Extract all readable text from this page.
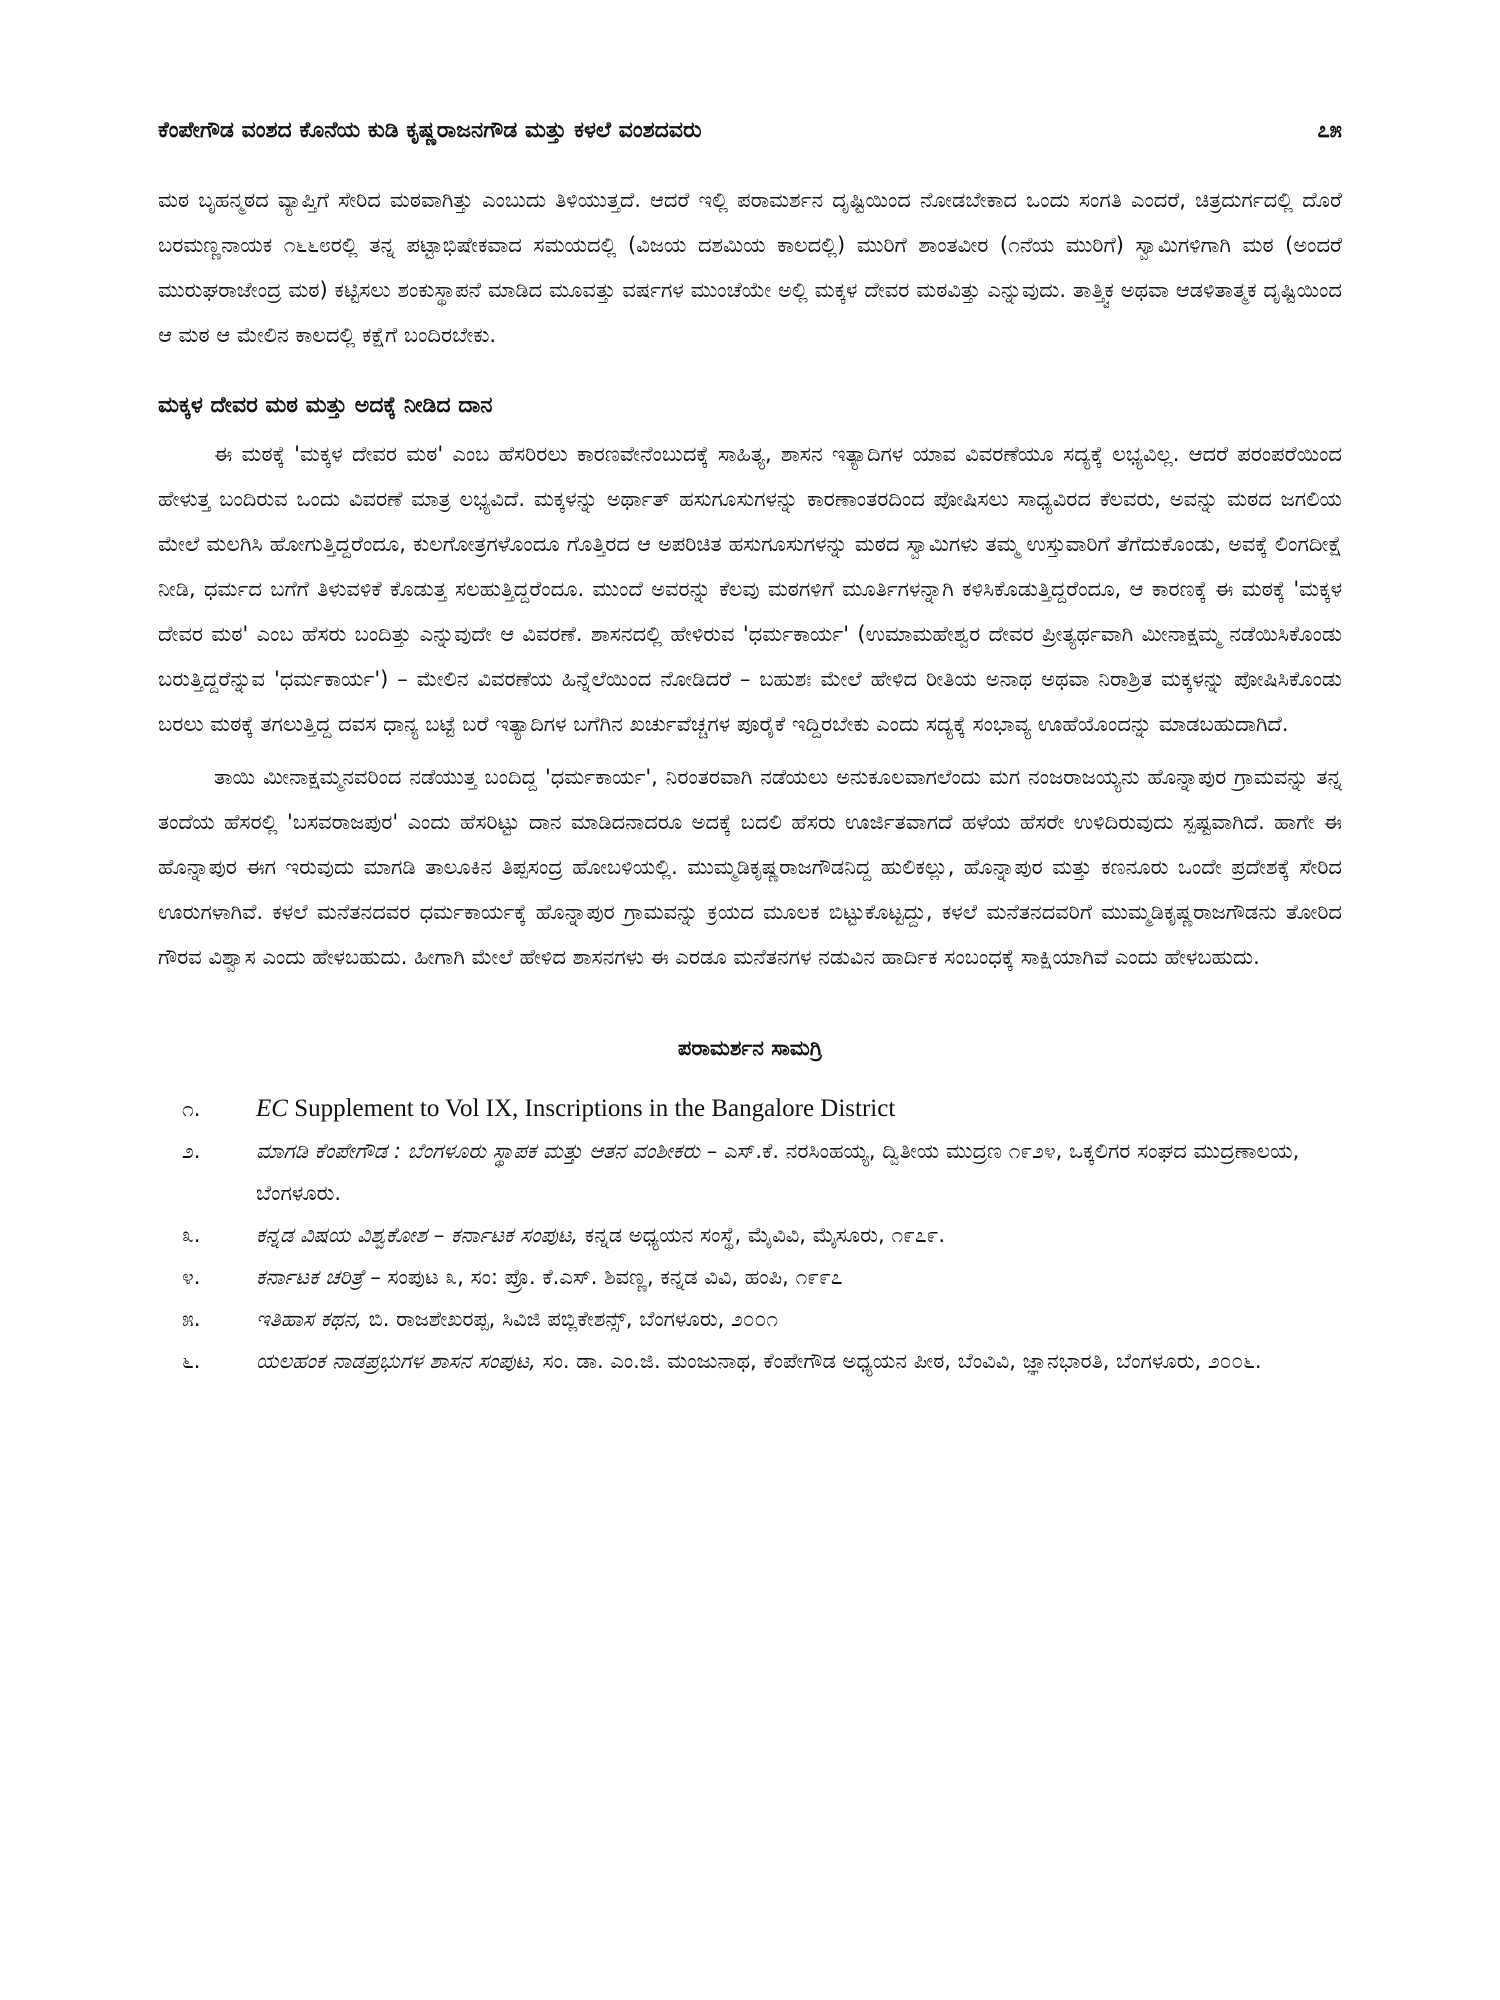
ಕೆಂಪೇಗೌಡ ವಂಶದ ಕೊನೆಯ ಕುಡಿ ಕೃಷ್ಣರಾಜನಗೌಡ ಮತ್ತು ಕಳಲೆ ವಂಶದವರು	೭೫

ಮಠ ಬೃಹನ್ಮಠದ ವ್ಯಾಪ್ತಿಗೆ ಸೇರಿದ ಮಠವಾಗಿತ್ತು ಎಂಬುದು ತಿಳಿಯುತ್ತದೆ. ಆದರೆ ಇಲ್ಲಿ ಪರಾಮರ್ಶನ ದೃಷ್ಟಿಯಿಂದ ನೋಡಬೇಕಾದ ಒಂದು ಸಂಗತಿ ಎಂದರೆ, ಚಿತ್ರದುರ್ಗದಲ್ಲಿ ದೊರೆ ಬರಮಣ್ಣನಾಯಕ ೧೬೬೮ರಲ್ಲಿ ತನ್ನ ಪಟ್ಟಾಭಿಷೇಕವಾದ ಸಮಯದಲ್ಲಿ (ವಿಜಯ ದಶಮಿಯ ಕಾಲದಲ್ಲಿ) ಮುರಿಗೆ ಶಾಂತವೀರ (೧ನೆಯ ಮುರಿಗೆ) ಸ್ವಾಮಿಗಳಿಗಾಗಿ ಮಠ (ಅಂದರೆ ಮುರುಘರಾಜೇಂದ್ರ ಮಠ) ಕಟ್ಟಿಸಲು ಶಂಕುಸ್ಥಾಪನೆ ಮಾಡಿದ ಮೂವತ್ತು ವರ್ಷಗಳ ಮುಂಚೆಯೇ ಅಲ್ಲಿ ಮಕ್ಕಳ ದೇವರ ಮಠವಿತ್ತು ಎನ್ನುವುದು. ತಾತ್ತ್ವಿಕ ಅಥವಾ ಆಡಳಿತಾತ್ಮಕ ದೃಷ್ಟಿಯಿಂದ ಆ ಮಠ ಆ ಮೇಲಿನ ಕಾಲದಲ್ಲಿ ಕಕ್ಷೆಗೆ ಬಂದಿರಬೇಕು.

ಮಕ್ಕಳ ದೇವರ ಮಠ ಮತ್ತು ಅದಕ್ಕೆ ನೀಡಿದ ದಾನ

ಈ ಮಠಕ್ಕೆ 'ಮಕ್ಕಳ ದೇವರ ಮಠ' ಎಂಬ ಹೆಸರಿರಲು ಕಾರಣವೇನೆಂಬುದಕ್ಕೆ ಸಾಹಿತ್ಯ, ಶಾಸನ ಇತ್ಯಾದಿಗಳ ಯಾವ ವಿವರಣೆಯೂ ಸದ್ಯಕ್ಕೆ ಲಭ್ಯವಿಲ್ಲ. ಆದರೆ ಪರಂಪರೆಯಿಂದ ಹೇಳುತ್ತ ಬಂದಿರುವ ಒಂದು ವಿವರಣೆ ಮಾತ್ರ ಲಭ್ಯವಿದೆ. ಮಕ್ಕಳನ್ನು ಅರ್ಥಾತ್ ಹಸುಗೂಸುಗಳನ್ನು ಕಾರಣಾಂತರದಿಂದ ಪೋಷಿಸಲು ಸಾಧ್ಯವಿರದ ಕೆಲವರು, ಅವನ್ನು ಮಠದ ಜಗಲಿಯ ಮೇಲೆ ಮಲಗಿಸಿ ಹೋಗುತ್ತಿದ್ದರೆಂದೂ, ಕುಲಗೋತ್ರಗಳೊಂದೂ ಗೊತ್ತಿರದ ಆ ಅಪರಿಚಿತ ಹಸುಗೂಸುಗಳನ್ನು ಮಠದ ಸ್ವಾಮಿಗಳು ತಮ್ಮ ಉಸ್ತುವಾರಿಗೆ ತೆಗೆದುಕೊಂಡು, ಅವಕ್ಕೆ ಲಿಂಗದೀಕ್ಷೆ ನೀಡಿ, ಧರ್ಮದ ಬಗೆಗೆ ತಿಳುವಳಿಕೆ ಕೊಡುತ್ತ ಸಲಹುತ್ತಿದ್ದರೆಂದೂ. ಮುಂದೆ ಅವರನ್ನು ಕೆಲವು ಮಠಗಳಿಗೆ ಮೂರ್ತಿಗಳನ್ನಾಗಿ ಕಳಿಸಿಕೊಡುತ್ತಿದ್ದರೆಂದೂ, ಆ ಕಾರಣಕ್ಕೆ ಈ ಮಠಕ್ಕೆ 'ಮಕ್ಕಳ ದೇವರ ಮಠ' ಎಂಬ ಹೆಸರು ಬಂದಿತ್ತು ಎನ್ನುವುದೇ ಆ ವಿವರಣೆ. ಶಾಸನದಲ್ಲಿ ಹೇಳಿರುವ 'ಧರ್ಮಕಾರ್ಯ' (ಉಮಾಮಹೇಶ್ವರ ದೇವರ ಪ್ರೀತ್ಯರ್ಥವಾಗಿ ಮೀನಾಕ್ಷಮ್ಮ ನಡೆಯಿಸಿಕೊಂಡು ಬರುತ್ತಿದ್ದರೆನ್ನುವ 'ಧರ್ಮಕಾರ್ಯ') – ಮೇಲಿನ ವಿವರಣೆಯ ಹಿನ್ನೆಲೆಯಿಂದ ನೋಡಿದರೆ – ಬಹುಶಃ ಮೇಲೆ ಹೇಳಿದ ರೀತಿಯ ಅನಾಥ ಅಥವಾ ನಿರಾಶ್ರಿತ ಮಕ್ಕಳನ್ನು ಪೋಷಿಸಿಕೊಂಡು ಬರಲು ಮಠಕ್ಕೆ ತಗಲುತ್ತಿದ್ದ ದವಸ ಧಾನ್ಯ ಬಟ್ಟೆ ಬರೆ ಇತ್ಯಾದಿಗಳ ಬಗೆಗಿನ ಖರ್ಚುವೆಚ್ಚಗಳ ಪೂರೈಕೆ ಇದ್ದಿರಬೇಕು ಎಂದು ಸದ್ಯಕ್ಕೆ ಸಂಭಾವ್ಯ ಊಹೆಯೊಂದನ್ನು ಮಾಡಬಹುದಾಗಿದೆ.

ತಾಯಿ ಮೀನಾಕ್ಷಮ್ಮನವರಿಂದ ನಡೆಯುತ್ತ ಬಂದಿದ್ದ 'ಧರ್ಮಕಾರ್ಯ', ನಿರಂತರವಾಗಿ ನಡೆಯಲು ಅನುಕೂಲವಾಗಲೆಂದು ಮಗ ನಂಜರಾಜಯ್ಯನು ಹೊನ್ನಾಪುರ ಗ್ರಾಮವನ್ನು ತನ್ನ ತಂದೆಯ ಹೆಸರಲ್ಲಿ 'ಬಸವರಾಜಪುರ' ಎಂದು ಹೆಸರಿಟ್ಟು ದಾನ ಮಾಡಿದನಾದರೂ ಅದಕ್ಕೆ ಬದಲಿ ಹೆಸರು ಊರ್ಜಿತವಾಗದೆ ಹಳೆಯ ಹೆಸರೇ ಉಳಿದಿರುವುದು ಸ್ಪಷ್ಟವಾಗಿದೆ. ಹಾಗೇ ಈ ಹೊನ್ನಾಪುರ ಈಗ ಇರುವುದು ಮಾಗಡಿ ತಾಲೂಕಿನ ತಿಪ್ಪಸಂದ್ರ ಹೋಬಳಿಯಲ್ಲಿ. ಮುಮ್ಮಡಿಕೃಷ್ಣರಾಜಗೌಡನಿದ್ದ ಹುಲಿಕಲ್ಲು, ಹೊನ್ನಾಪುರ ಮತ್ತು ಕಣನೂರು ಒಂದೇ ಪ್ರದೇಶಕ್ಕೆ ಸೇರಿದ ಊರುಗಳಾಗಿವೆ. ಕಳಲೆ ಮನೆತನದವರ ಧರ್ಮಕಾರ್ಯಕ್ಕೆ ಹೊನ್ನಾಪುರ ಗ್ರಾಮವನ್ನು ಕ್ರಯದ ಮೂಲಕ ಬಿಟ್ಟುಕೊಟ್ಟದ್ದು, ಕಳಲೆ ಮನೆತನದವರಿಗೆ ಮುಮ್ಮಡಿಕೃಷ್ಣರಾಜಗೌಡನು ತೋರಿದ ಗೌರವ ವಿಶ್ವಾಸ ಎಂದು ಹೇಳಬಹುದು. ಹೀಗಾಗಿ ಮೇಲೆ ಹೇಳಿದ ಶಾಸನಗಳು ಈ ಎರಡೂ ಮನೆತನಗಳ ನಡುವಿನ ಹಾರ್ದಿಕ ಸಂಬಂಧಕ್ಕೆ ಸಾಕ್ಷಿಯಾಗಿವೆ ಎಂದು ಹೇಳಬಹುದು.

ಪರಾಮರ್ಶನ ಸಾಮಗ್ರಿ
೧.	EC Supplement to Vol IX, Inscriptions in the Bangalore District
೨.	ಮಾಗಡಿ ಕೆಂಪೇಗೌಡ : ಬೆಂಗಳೂರು ಸ್ಥಾಪಕ ಮತ್ತು ಆತನ ವಂಶೀಕರು – ಎಸ್.ಕೆ. ನರಸಿಂಹಯ್ಯ, ದ್ವಿತೀಯ ಮುದ್ರಣ ೧೯೨೪, ಒಕ್ಕಲಿಗರ ಸಂಘದ ಮುದ್ರಣಾಲಯ, ಬೆಂಗಳೂರು.
೩.	ಕನ್ನಡ ವಿಷಯ ವಿಶ್ವಕೋಶ – ಕರ್ನಾಟಕ ಸಂಪುಟ, ಕನ್ನಡ ಅಧ್ಯಯನ ಸಂಸ್ಥೆ, ಮೈವಿವಿ, ಮೈಸೂರು, ೧೯೭೯.
೪.	ಕರ್ನಾಟಕ ಚರಿತ್ರೆ – ಸಂಪುಟ ೩, ಸಂ: ಪ್ರೊ. ಕೆ.ಎಸ್. ಶಿವಣ್ಣ, ಕನ್ನಡ ವಿವಿ, ಹಂಪಿ, ೧೯೯೭
೫.	ಇತಿಹಾಸ ಕಥನ, ಬಿ. ರಾಜಶೇಖರಪ್ಪ, ಸಿವಿಜಿ ಪಬ್ಲಿಕೇಶನ್ಸ್, ಬೆಂಗಳೂರು, ೨೦೦೧
೬.	ಯಲಹಂಕ ನಾಡಪ್ರಭುಗಳ ಶಾಸನ ಸಂಪುಟ, ಸಂ. ಡಾ. ಎಂ.ಜಿ. ಮಂಜುನಾಥ, ಕೆಂಪೇಗೌಡ ಅಧ್ಯಯನ ಪೀಠ, ಬೆಂವಿವಿ, ಜ್ಞಾನಭಾರತಿ, ಬೆಂಗಳೂರು, ೨೦೦೬.
